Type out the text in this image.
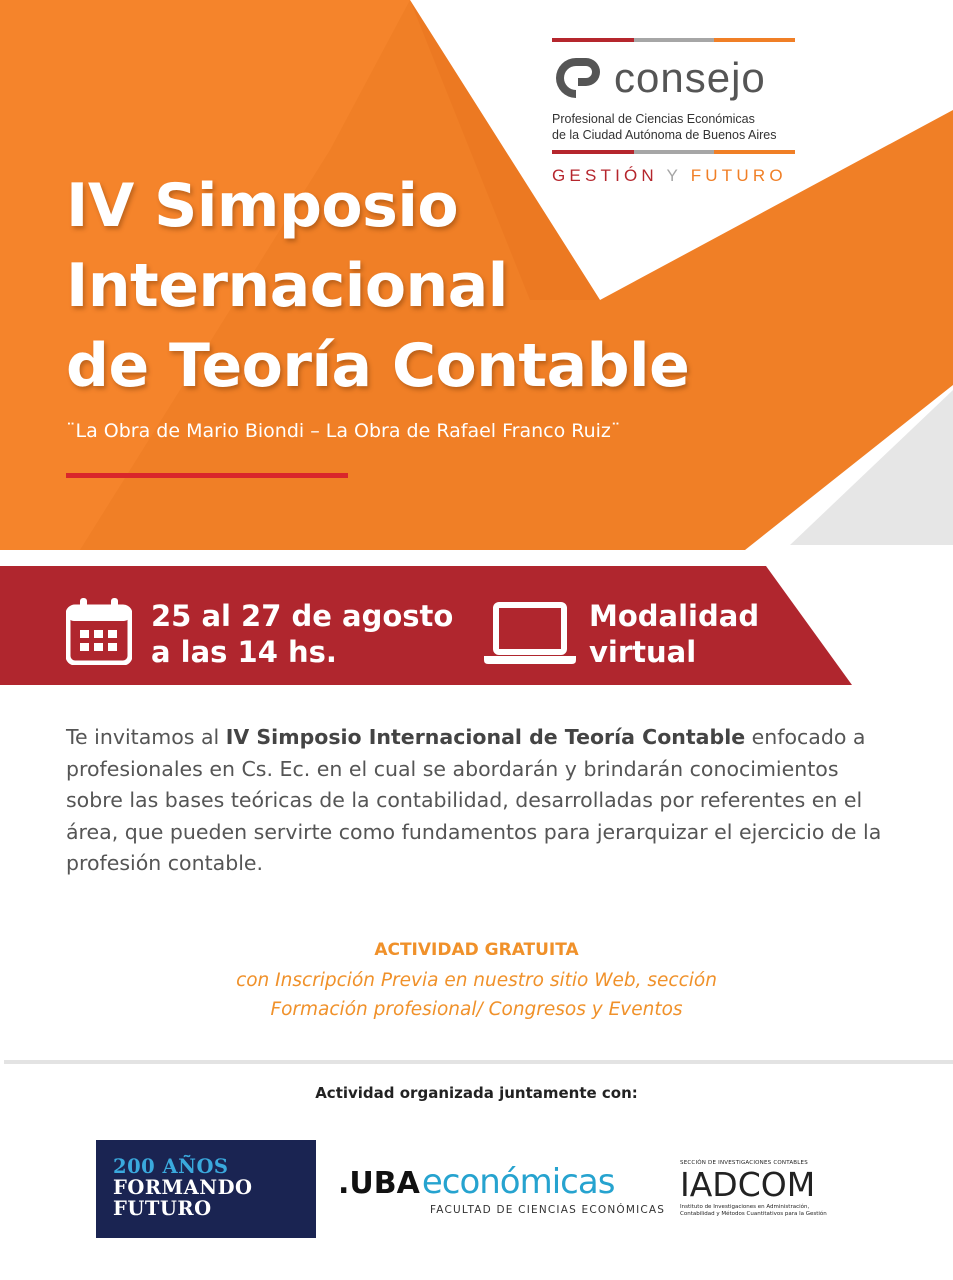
consejo
Profesional de Ciencias Económicas
de la Ciudad Autónoma de Buenos Aires
GESTIÓN Y FUTURO
IV Simposio
Internacional
de Teoría Contable
¨La Obra de Mario Biondi – La Obra de Rafael Franco Ruiz¨
25 al 27 de agosto
a las 14 hs.
Modalidad
virtual

Te invitamos al IV Simposio Internacional de Teoría Contable enfocado a profesionales en Cs. Ec. en el cual se abordarán y brindarán conocimientos sobre las bases teóricas de la contabilidad, desarrolladas por referentes en el área, que pueden servirte como fundamentos para jerarquizar el ejercicio de la profesión contable.

ACTIVIDAD GRATUITA
con Inscripción Previa en nuestro sitio Web, sección
Formación profesional/ Congresos y Eventos
Actividad organizada juntamente con:
200 AÑOS
FORMANDO
FUTURO
.UBA económicas
FACULTAD DE CIENCIAS ECONÓMICAS
SECCIÓN DE INVESTIGACIONES CONTABLES
IADCOM
Instituto de Investigaciones en Administración,
Contabilidad y Métodos Cuantitativos para la Gestión
